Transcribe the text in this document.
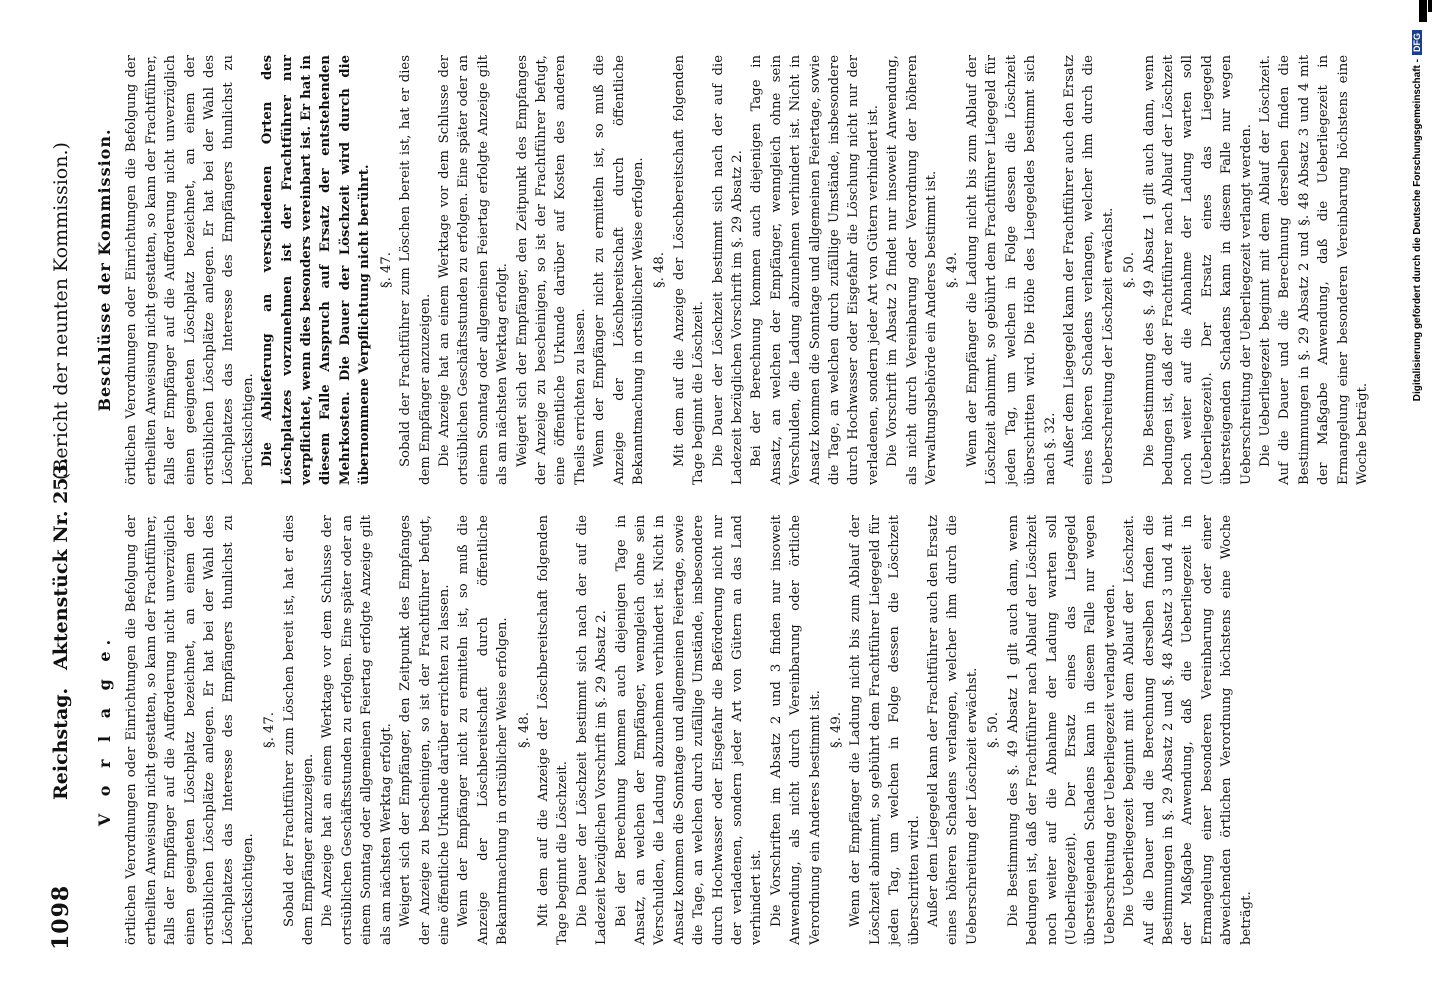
1098
Reichstag.
Aktenstück Nr. 253.
(Bericht der neunten Kommission.)
V o r l a g e. örtlichen Verordnungen oder Einrichtungen die Befolgung der ertheilten Anweisung nicht gestatten, so kann der Frachtführer, falls der Empfänger auf die Aufforderung nicht unverzüglich einen geeigneten Löschplatz bezeichnet, an einem der ortsüblichen Löschplätze anlegen. Er hat bei der Wahl des Löschplatzes das Interesse des Empfängers thunlichst zu berücksichtigen.

§. 47. Sobald der Frachtführer zum Löschen bereit ist, hat er dies dem Empfänger anzuzeigen. Die Anzeige hat an einem Werktage vor dem Schlusse der ortsüblichen Geschäftsstunden zu erfolgen. Eine später oder an einem Sonntag oder allgemeinen Feiertag erfolgte Anzeige gilt als am nächsten Werktag erfolgt. Weigert sich der Empfänger, den Zeitpunkt des Empfanges der Anzeige zu bescheinigen, so ist der Frachtführer befugt, eine öffentliche Urkunde darüber errichten zu lassen. Wenn der Empfänger nicht zu ermitteln ist, so muß die Anzeige der Löschbereitschaft durch öffentliche Bekanntmachung in ortsüblicher Weise erfolgen. §. 48. Mit dem auf die Anzeige der Löschbereitschaft folgenden Tage beginnt die Löschzeit. Die Dauer der Löschzeit bestimmt sich nach der auf die Ladezeit bezüglichen Vorschrift im §. 29 Absatz 2. Bei der Berechnung kommen auch diejenigen Tage in Ansatz, an welchen der Empfänger, wenngleich ohne sein Verschulden, die Ladung abzunehmen verhindert ist. Nicht in Ansatz kommen die Sonntage und allgemeinen Feiertage, sowie die Tage, an welchen durch zufällige Umstände, insbesondere durch Hochwasser oder Eisgefahr die Beförderung nicht nur der verladenen, sondern jeder Art von Gütern an das Land verhindert ist. Die Vorschriften im Absatz 2 und 3 finden nur insoweit Anwendung, als nicht durch Vereinbarung oder örtliche Verordnung ein Anderes bestimmt ist. §. 49. Wenn der Empfänger die Ladung nicht bis zum Ablauf der Löschzeit abnimmt, so gebührt dem Frachtführer Liegegeld für jeden Tag, um welchen in Folge dessen die Löschzeit überschritten wird. Außer dem Liegegeld kann der Frachtführer auch den Ersatz eines höheren Schadens verlangen, welcher ihm durch die Ueberschreitung der Löschzeit erwächst. §. 50. Die Bestimmung des §. 49 Absatz 1 gilt auch dann, wenn bedungen ist, daß der Frachtführer nach Ablauf der Löschzeit noch weiter auf die Abnahme der Ladung warten soll (Ueberliegezeit). Der Ersatz eines das Liegegeld übersteigenden Schadens kann in diesem Falle nur wegen Ueberschreitung der Ueberliegezeit verlangt werden. Die Ueberliegezeit beginnt mit dem Ablauf der Löschzeit. Auf die Dauer und die Berechnung derselben finden die Bestimmungen in §. 29 Absatz 2 und §. 48 Absatz 3 und 4 mit der Maßgabe Anwendung, daß die Ueberliegezeit in Ermangelung einer besonderen Vereinbarung oder einer abweichenden örtlichen Verordnung höchstens eine Woche beträgt.

Beschlüsse der Kommission. örtlichen Verordnungen oder Einrichtungen die Befolgung der ertheilten Anweisung nicht gestatten, so kann der Frachtführer, falls der Empfänger auf die Aufforderung nicht unverzüglich einen geeigneten Löschplatz bezeichnet, an einem der ortsüblichen Löschplätze anlegen. Er hat bei der Wahl des Löschplatzes das Interesse des Empfängers thunlichst zu berücksichtigen. Die Ablieferung an verschiedenen Orten des Löschplatzes vorzunehmen ist der Frachtführer nur verpflichtet, wenn dies besonders vereinbart ist. Er hat in diesem Falle Anspruch auf Ersatz der entstehenden Mehrkosten. Die Dauer der Löschzeit wird durch die übernommene Verpflichtung nicht berührt. §. 47. Sobald der Frachtführer zum Löschen bereit ist, hat er dies dem Empfänger anzuzeigen. Die Anzeige hat an einem Werktage vor dem Schlusse der ortsüblichen Geschäftsstunden zu erfolgen. Eine später oder an einem Sonntag oder allgemeinen Feiertag erfolgte Anzeige gilt als am nächsten Werktag erfolgt. Weigert sich der Empfänger, den Zeitpunkt des Empfanges der Anzeige zu bescheinigen, so ist der Frachtführer befugt, eine öffentliche Urkunde darüber auf Kosten des anderen Theils errichten zu lassen. Wenn der Empfänger nicht zu ermitteln ist, so muß die Anzeige der Löschbereitschaft durch öffentliche Bekanntmachung in ortsüblicher Weise erfolgen. §. 48. Mit dem auf die Anzeige der Löschbereitschaft folgenden Tage beginnt die Löschzeit. Die Dauer der Löschzeit bestimmt sich nach der auf die Ladezeit bezüglichen Vorschrift im §. 29 Absatz 2. Bei der Berechnung kommen auch diejenigen Tage in Ansatz, an welchen der Empfänger, wenngleich ohne sein Verschulden, die Ladung abzunehmen verhindert ist. Nicht in Ansatz kommen die Sonntage und allgemeinen Feiertage, sowie die Tage, an welchen durch zufällige Umstände, insbesondere durch Hochwasser oder Eisgefahr die Löschung nicht nur der verladenen, sondern jeder Art von Gütern verhindert ist. Die Vorschrift im Absatz 2 findet nur insoweit Anwendung, als nicht durch Vereinbarung oder Verordnung der höheren Verwaltungsbehörde ein Anderes bestimmt ist. §. 49. Wenn der Empfänger die Ladung nicht bis zum Ablauf der Löschzeit abnimmt, so gebührt dem Frachtführer Liegegeld für jeden Tag, um welchen in Folge dessen die Löschzeit überschritten wird. Die Höhe des Liegegeldes bestimmt sich nach §. 32. Außer dem Liegegeld kann der Frachtführer auch den Ersatz eines höheren Schadens verlangen, welcher ihm durch die Ueberschreitung der Löschzeit erwächst. §. 50. Die Bestimmung des §. 49 Absatz 1 gilt auch dann, wenn bedungen ist, daß der Frachtführer nach Ablauf der Löschzeit noch weiter auf die Abnahme der Ladung warten soll (Ueberliegezeit). Der Ersatz eines das Liegegeld übersteigenden Schadens kann in diesem Falle nur wegen Ueberschreitung der Ueberliegezeit verlangt werden. Die Ueberliegezeit beginnt mit dem Ablauf der Löschzeit. Auf die Dauer und die Berechnung derselben finden die Bestimmungen in §. 29 Absatz 2 und §. 48 Absatz 3 und 4 mit der Maßgabe Anwendung, daß die Ueberliegezeit in Ermangelung einer besonderen Vereinbarung höchstens eine Woche beträgt.

Digitalisierung gefördert durch die Deutsche Forschungsgemeinschaft -DFG
